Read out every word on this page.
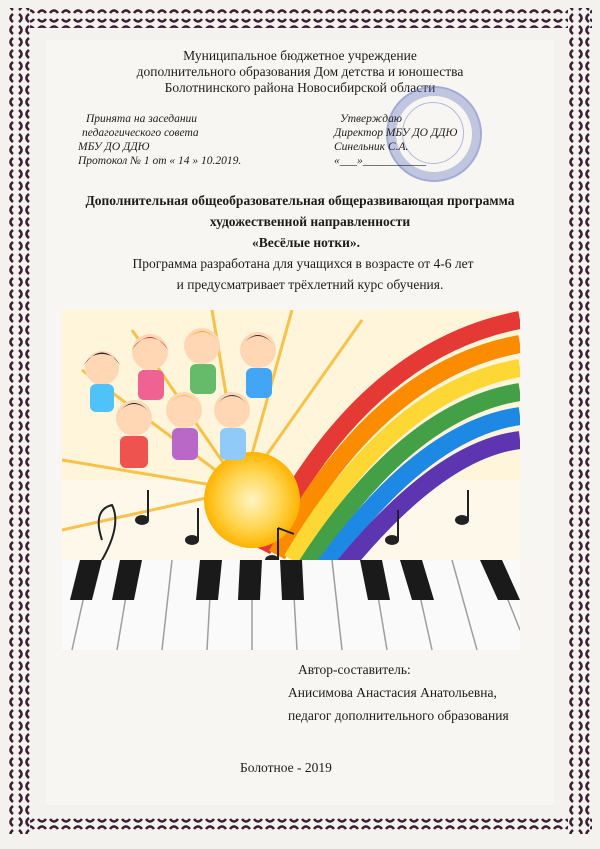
Муниципальное бюджетное учреждение
дополнительного образования Дом детства и юношества
Болотнинского района Новосибирской области
Принята на заседании
педагогического совета
МБУ ДО ДДЮ
Протокол № 1 от « 14 » 10.2019.
Утверждаю
Директор МБУ ДО ДДЮ
Синельник С.А.
«___»___________
Дополнительная общеобразовательная общеразвивающая программа
художественной направленности
«Весёлые нотки».
Программа разработана для учащихся в возрасте от 4-6 лет
и предусматривает трёхлетний курс обучения.
Автор-составитель:
Анисимова Анастасия Анатольевна,
педагог дополнительного образования
Болотное - 2019
